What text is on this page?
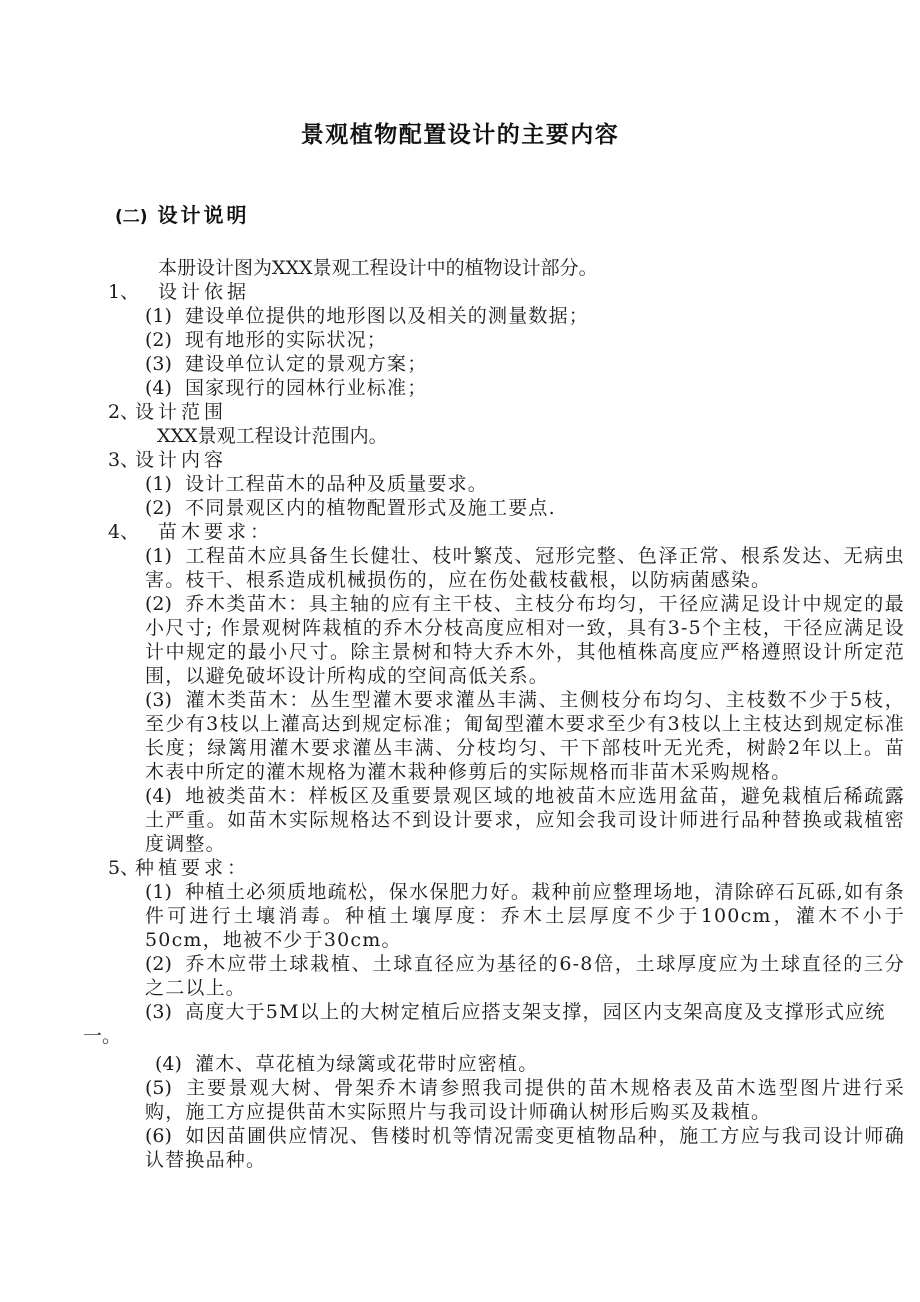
景观植物配置设计的主要内容
(二) 设计说明

本册设计图为XXX景观工程设计中的植物设计部分。

1、 设计依据

(1) 建设单位提供的地形图以及相关的测量数据；

(2) 现有地形的实际状况；

(3) 建设单位认定的景观方案；

(4) 国家现行的园林行业标准；

2、设计范围

XXX景观工程设计范围内。

3、设计内容

(1) 设计工程苗木的品种及质量要求。

(2) 不同景观区内的植物配置形式及施工要点.

4、 苗木要求：

(1) 工程苗木应具备生长健壮、枝叶繁茂、冠形完整、色泽正常、根系发达、无病虫害。枝干、根系造成机械损伤的，应在伤处截枝截根，以防病菌感染。

(2) 乔木类苗木：具主轴的应有主干枝、主枝分布均匀，干径应满足设计中规定的最小尺寸; 作景观树阵栽植的乔木分枝高度应相对一致，具有3-5个主枝，干径应满足设计中规定的最小尺寸。除主景树和特大乔木外，其他植株高度应严格遵照设计所定范围，以避免破坏设计所构成的空间高低关系。

(3) 灌木类苗木：丛生型灌木要求灌丛丰满、主侧枝分布均匀、主枝数不少于5枝，至少有3枝以上灌高达到规定标准；匍匐型灌木要求至少有3枝以上主枝达到规定标准长度；绿篱用灌木要求灌丛丰满、分枝均匀、干下部枝叶无光秃，树龄2年以上。苗木表中所定的灌木规格为灌木栽种修剪后的实际规格而非苗木采购规格。

(4) 地被类苗木：样板区及重要景观区域的地被苗木应选用盆苗，避免栽植后稀疏露土严重。如苗木实际规格达不到设计要求，应知会我司设计师进行品种替换或栽植密度调整。

5、种植要求：

(1) 种植土必须质地疏松，保水保肥力好。栽种前应整理场地，清除碎石瓦砾,如有条件可进行土壤消毒。种植土壤厚度：乔木土层厚度不少于100cm，灌木不小于50cm，地被不少于30cm。

(2) 乔木应带土球栽植、土球直径应为基径的6-8倍，土球厚度应为土球直径的三分之二以上。

(3) 高度大于5M以上的大树定植后应搭支架支撑，园区内支架高度及支撑形式应统

一。

(4) 灌木、草花植为绿篱或花带时应密植。

(5) 主要景观大树、骨架乔木请参照我司提供的苗木规格表及苗木选型图片进行采购，施工方应提供苗木实际照片与我司设计师确认树形后购买及栽植。

(6) 如因苗圃供应情况、售楼时机等情况需变更植物品种，施工方应与我司设计师确认替换品种。
